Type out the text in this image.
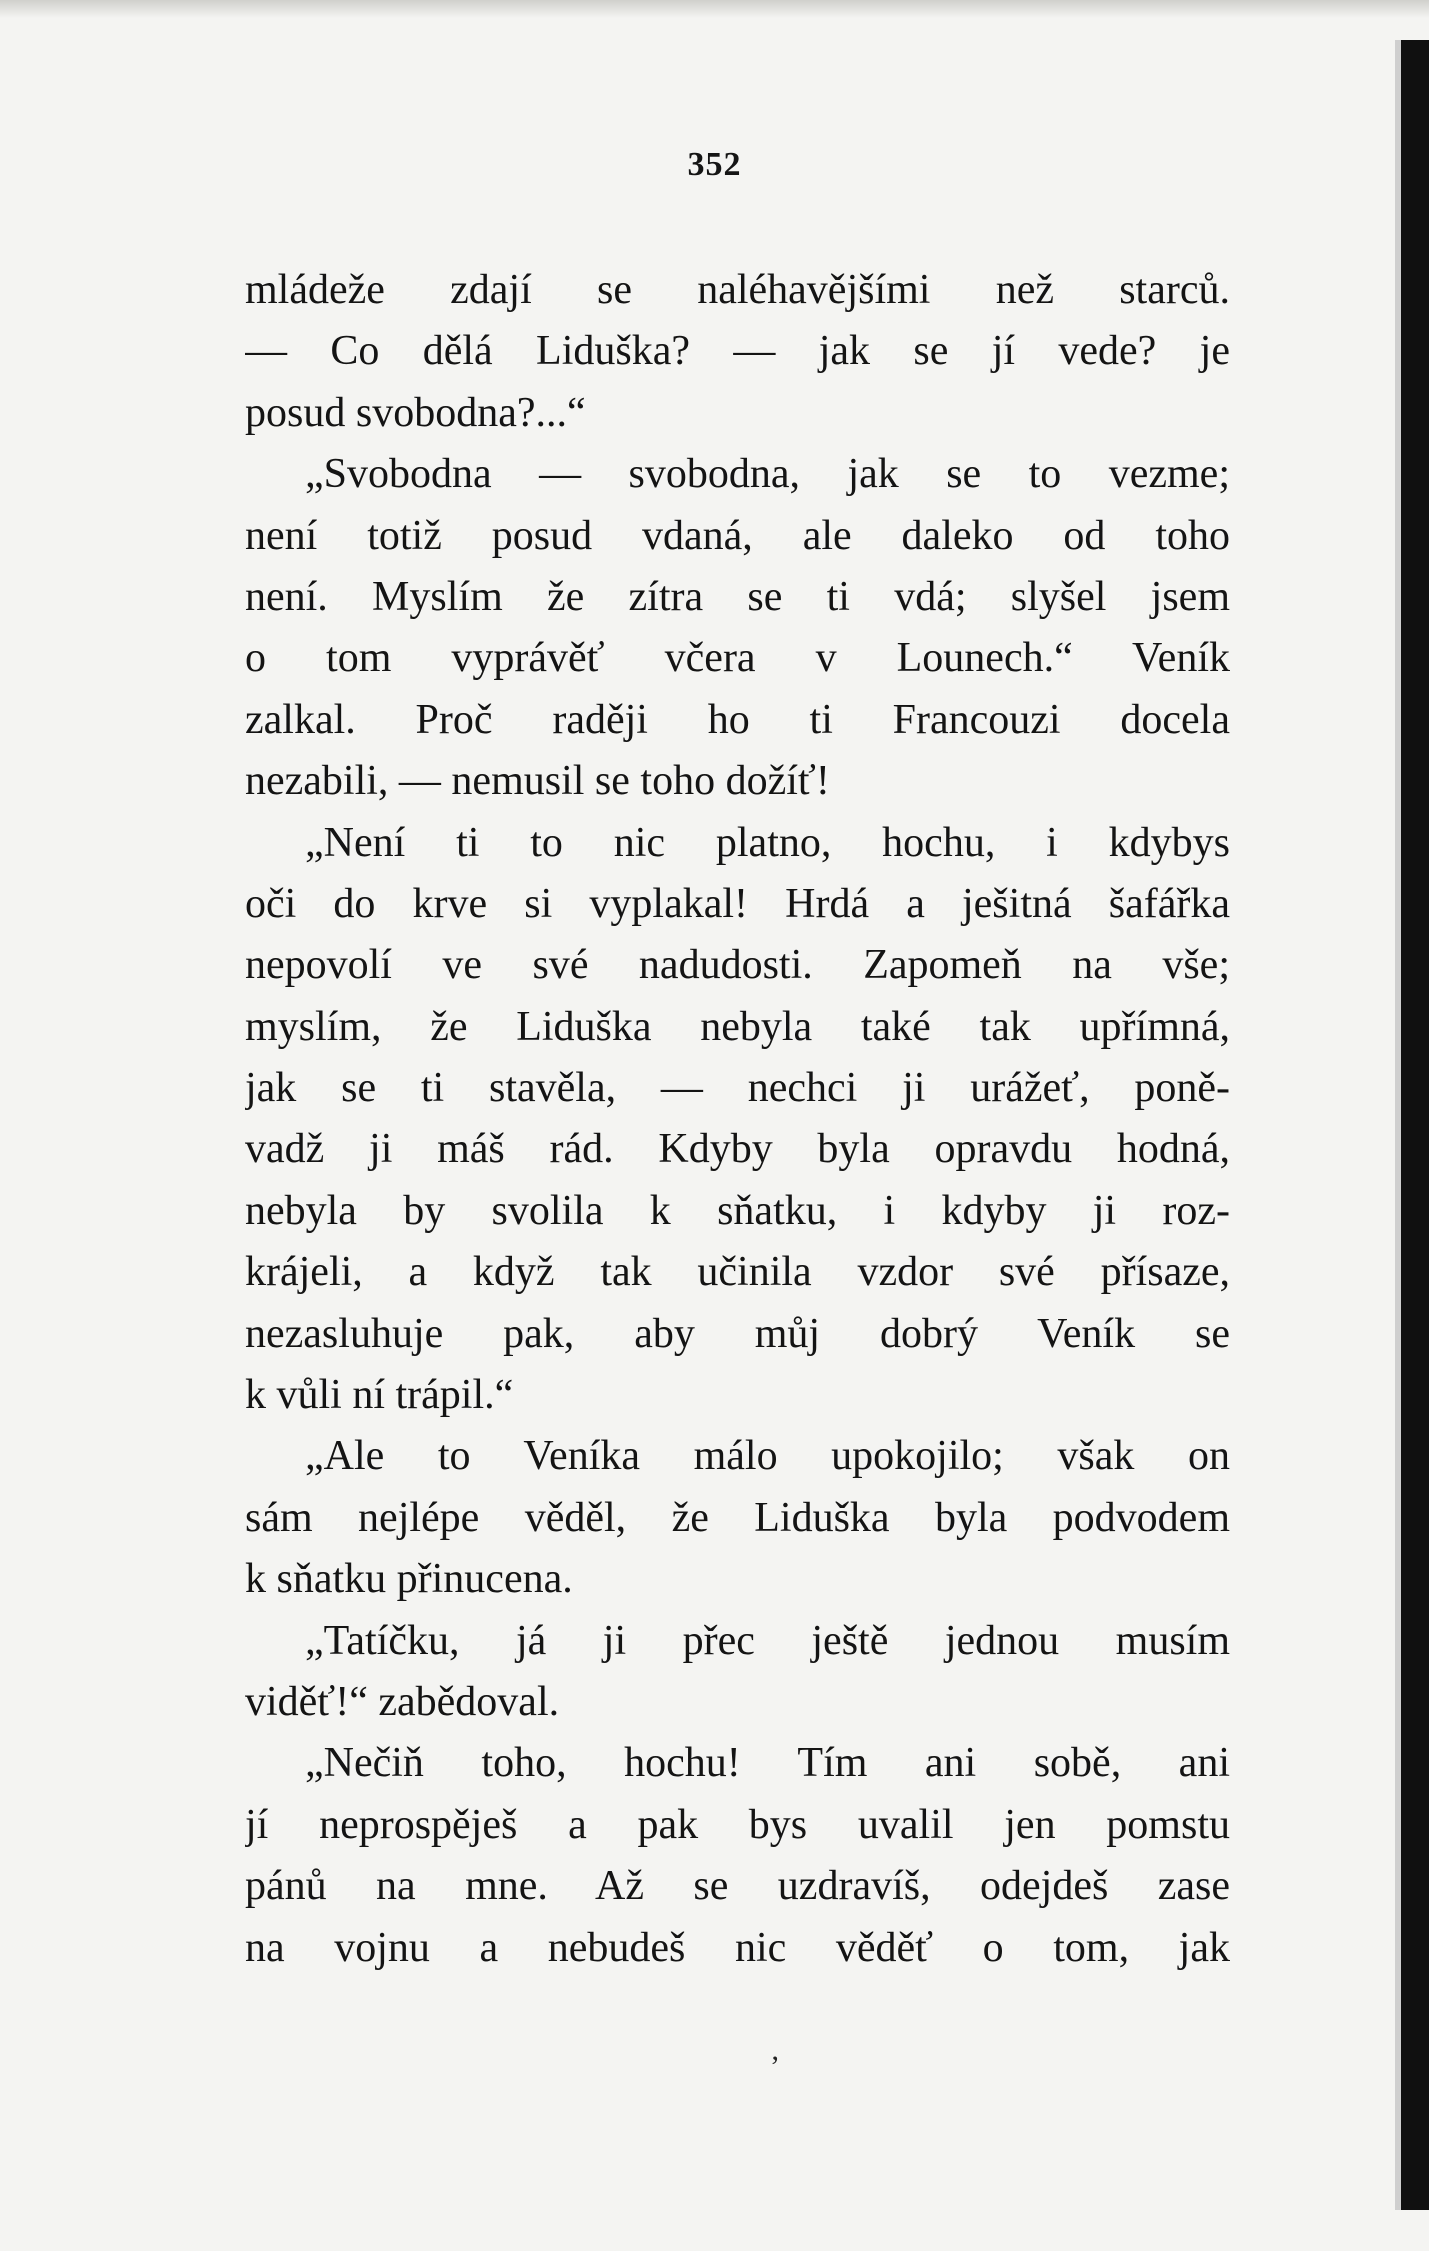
352
mládeže zdají se naléhavějšími než starců.
— Co dělá Liduška? — jak se jí vede? je
posud svobodna?...“
„Svobodna — svobodna, jak se to vezme;
není totiž posud vdaná, ale daleko od toho
není. Myslím že zítra se ti vdá; slyšel jsem
o tom vyprávěť včera v Lounech.“ Veník
zalkal. Proč raději ho ti Francouzi docela
nezabili, — nemusil se toho dožíť!
„Není ti to nic platno, hochu, i kdybys
oči do krve si vyplakal! Hrdá a ješitná šafářka
nepovolí ve své nadudosti. Zapomeň na vše;
myslím, že Liduška nebyla také tak upřímná,
jak se ti stavěla, — nechci ji urážeť, poně-
vadž ji máš rád. Kdyby byla opravdu hodná,
nebyla by svolila k sňatku, i kdyby ji roz-
krájeli, a když tak učinila vzdor své přísaze,
nezasluhuje pak, aby můj dobrý Veník se
k vůli ní trápil.“
„Ale to Veníka málo upokojilo; však on
sám nejlépe věděl, že Liduška byla podvodem
k sňatku přinucena.
„Tatíčku, já ji přec ještě jednou musím
viděť!“ zabědoval.
„Nečiň toho, hochu! Tím ani sobě, ani
jí neprospěješ a pak bys uvalil jen pomstu
pánů na mne. Až se uzdravíš, odejdeš zase
na vojnu a nebudeš nic věděť o tom, jak
’
